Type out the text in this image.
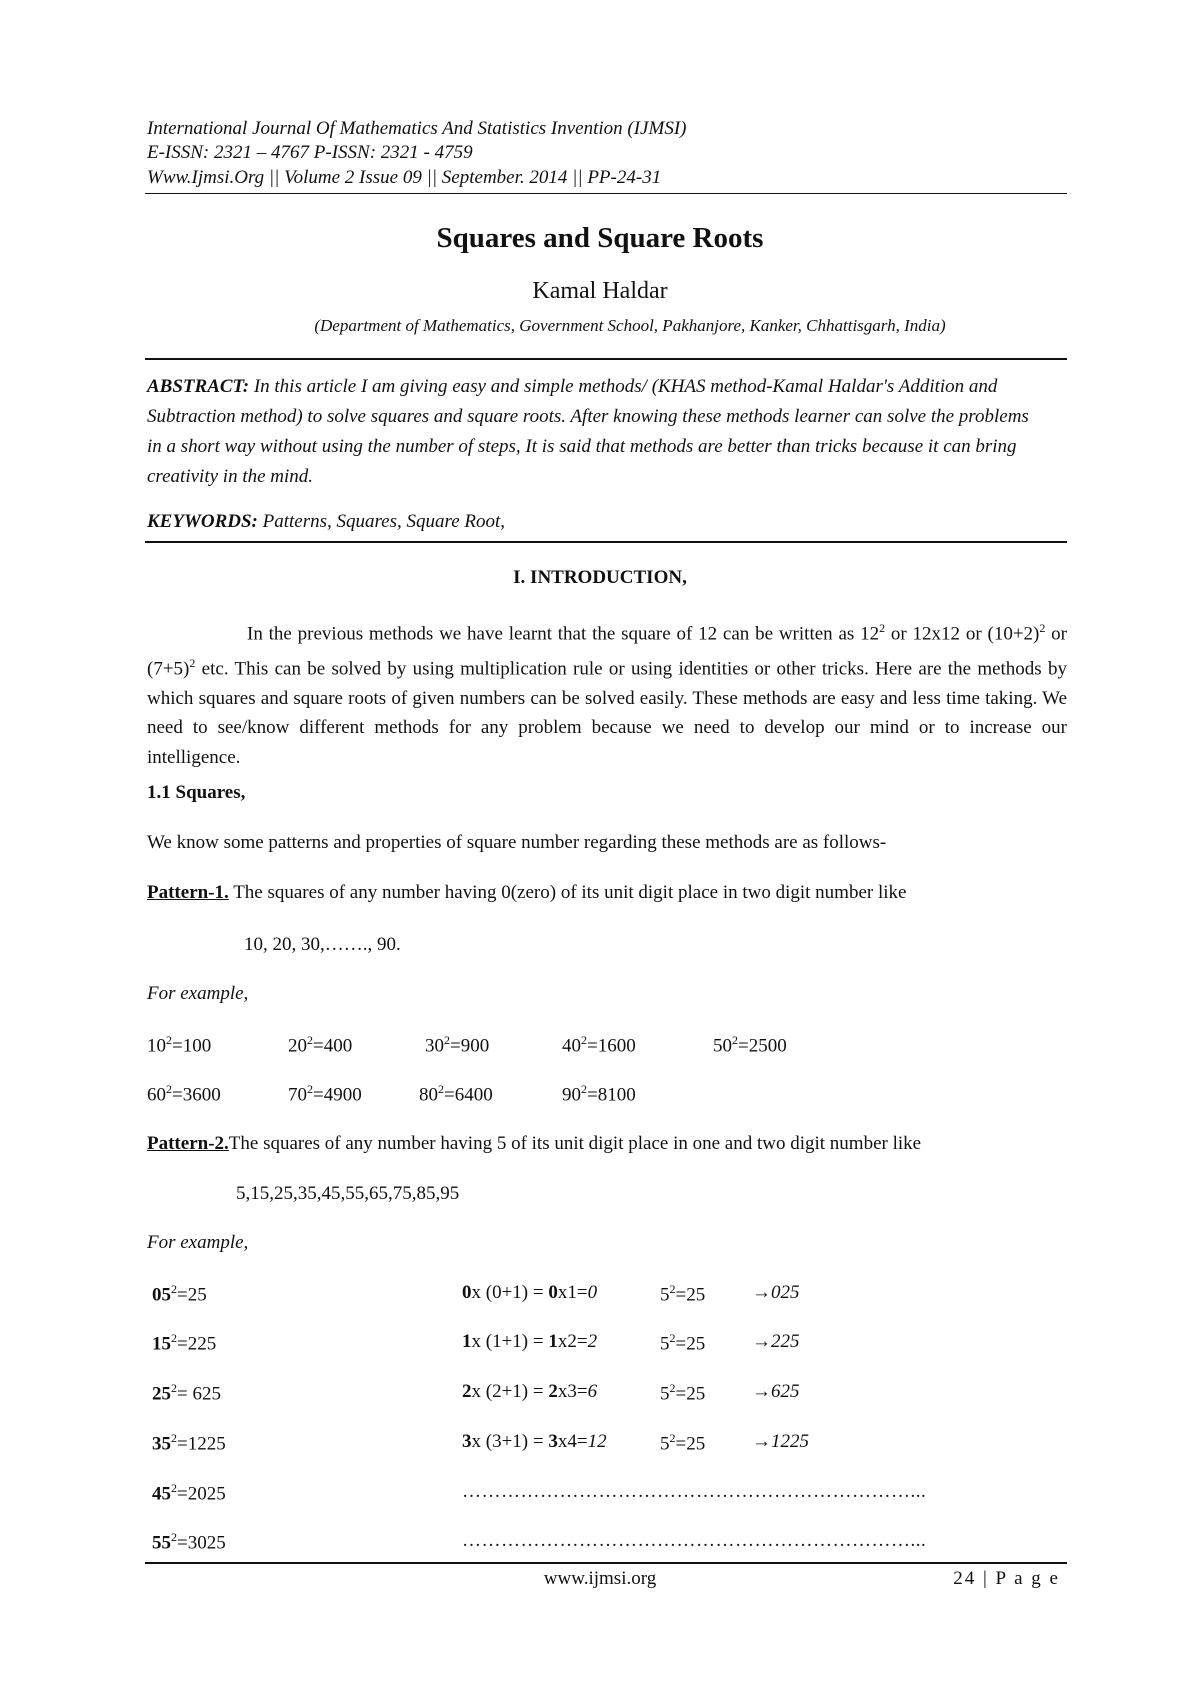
International Journal Of Mathematics And Statistics Invention (IJMSI)
E-ISSN: 2321 – 4767 P-ISSN: 2321 - 4759
Www.Ijmsi.Org || Volume 2 Issue 09 || September. 2014 || PP-24-31
Squares and Square Roots
Kamal Haldar
(Department of Mathematics, Government School, Pakhanjore, Kanker, Chhattisgarh, India)
ABSTRACT: In this article I am giving easy and simple methods/ (KHAS method-Kamal Haldar's Addition and Subtraction method) to solve squares and square roots. After knowing these methods learner can solve the problems in a short way without using the number of steps, It is said that methods are better than tricks because it can bring creativity in the mind.
KEYWORDS: Patterns, Squares, Square Root,
I. INTRODUCTION,
In the previous methods we have learnt that the square of 12 can be written as $12^2$ or 12x12 or $(10+2)^2$ or $(7+5)^2$ etc. This can be solved by using multiplication rule or using identities or other tricks. Here are the methods by which squares and square roots of given numbers can be solved easily. These methods are easy and less time taking. We need to see/know different methods for any problem because we need to develop our mind or to increase our intelligence.
1.1 Squares,
We know some patterns and properties of square number regarding these methods are as follows-
Pattern-1. The squares of any number having 0(zero) of its unit digit place in two digit number like
10, 20, 30,……., 90.
For example,
$10^2=100$	$20^2=400$	$30^2=900$	$40^2=1600$	$50^2=2500$
$60^2=3600$	$70^2=4900$	$80^2=6400$	$90^2=8100$
Pattern-2.The squares of any number having 5 of its unit digit place in one and two digit number like
5,15,25,35,45,55,65,75,85,95
For example,
$05^2=25$	0x (0+1) = 0x1=0	$5^2=25 \to 025$
$15^2=225$	1x (1+1) = 1x2=2	$5^2=25 \to 225$
$25^2= 625$	2x (2+1) = 2x3=6	$5^2=25 \to 625$
$35^2=1225$	3x (3+1) = 3x4=12	$5^2=25 \to 1225$
$45^2=2025$	……………………………………………………………...
$55^2=3025$	……………………………………………………………...
www.ijmsi.org	24 | P a g e
